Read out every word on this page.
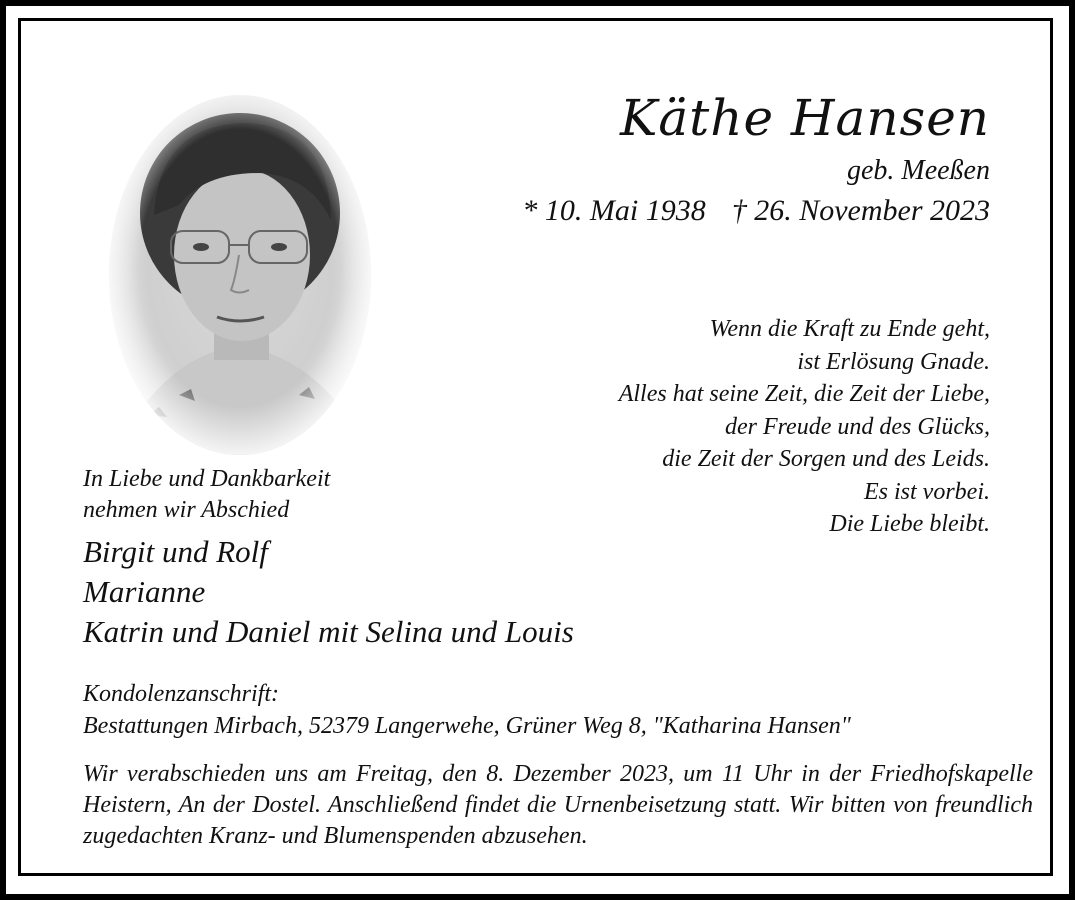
Käthe Hansen
geb. Meeßen
* 10. Mai 1938 † 26. November 2023
Wenn die Kraft zu Ende geht,
ist Erlösung Gnade.
Alles hat seine Zeit, die Zeit der Liebe,
der Freude und des Glücks,
die Zeit der Sorgen und des Leids.
Es ist vorbei.
Die Liebe bleibt.
In Liebe und Dankbarkeit
nehmen wir Abschied
Birgit und Rolf
Marianne
Katrin und Daniel mit Selina und Louis
Kondolenzanschrift:
Bestattungen Mirbach, 52379 Langerwehe, Grüner Weg 8, "Katharina Hansen"
Wir verabschieden uns am Freitag, den 8. Dezember 2023, um 11 Uhr in der Friedhofskapelle Heistern, An der Dostel. Anschließend findet die Urnenbeisetzung statt. Wir bitten von freundlich zugedachten Kranz- und Blumenspenden abzusehen.
